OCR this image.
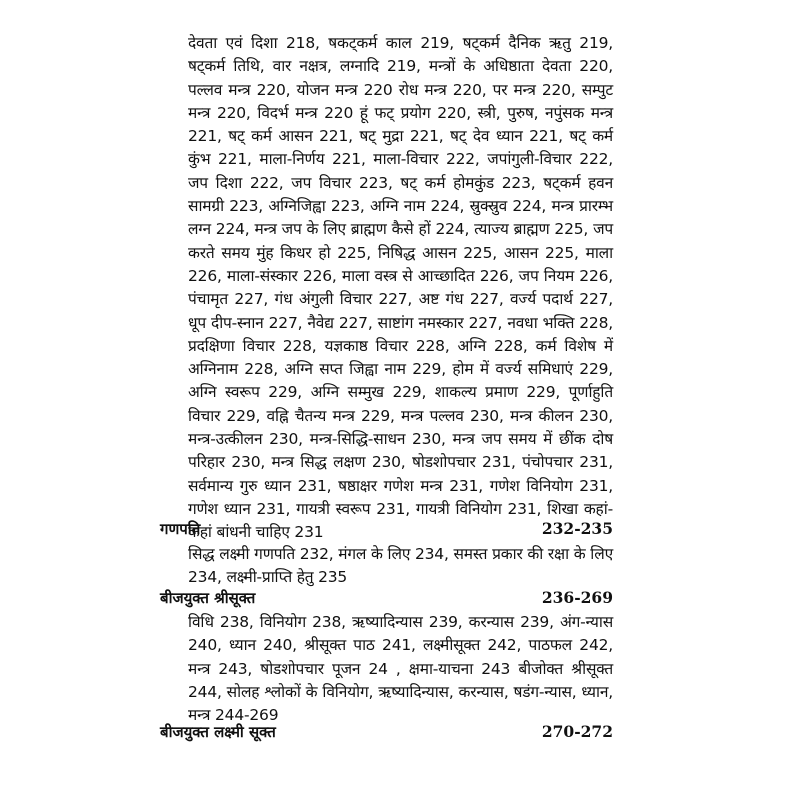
देवता एवं दिशा 218, षकट्कर्म काल 219, षट्कर्म दैनिक ऋतु 219, षट्कर्म तिथि, वार नक्षत्र, लग्नादि 219, मन्त्रों के अधिष्ठाता देवता 220, पल्लव मन्त्र 220, योजन मन्त्र 220 रोध मन्त्र 220, पर मन्त्र 220, सम्पुट मन्त्र 220, विदर्भ मन्त्र 220 हूं फट् प्रयोग 220, स्त्री, पुरुष, नपुंसक मन्त्र 221, षट् कर्म आसन 221, षट् मुद्रा 221, षट् देव ध्यान 221, षट् कर्म कुंभ 221, माला-निर्णय 221, माला-विचार 222, जपांगुली-विचार 222, जप दिशा 222, जप विचार 223, षट् कर्म होमकुंड 223, षट्कर्म हवन सामग्री 223, अग्निजिह्वा 223, अग्नि नाम 224, स्रुक्स्रुव 224, मन्त्र प्रारम्भ लग्न 224, मन्त्र जप के लिए ब्राह्मण कैसे हों 224, त्याज्य ब्राह्मण 225, जप करते समय मुंह किधर हो 225, निषिद्ध आसन 225, आसन 225, माला 226, माला-संस्कार 226, माला वस्त्र से आच्छादित 226, जप नियम 226, पंचामृत 227, गंध अंगुली विचार 227, अष्ट गंध 227, वर्ज्य पदार्थ 227, धूप दीप-स्नान 227, नैवेद्य 227, साष्टांग नमस्कार 227, नवधा भक्ति 228, प्रदक्षिणा विचार 228, यज्ञकाष्ठ विचार 228, अग्नि 228, कर्म विशेष में अग्निनाम 228, अग्नि सप्त जिह्वा नाम 229, होम में वर्ज्य समिधाएं 229, अग्नि स्वरूप 229, अग्नि सम्मुख 229, शाकल्य प्रमाण 229, पूर्णाहुति विचार 229, वह्नि चैतन्य मन्त्र 229, मन्त्र पल्लव 230, मन्त्र कीलन 230, मन्त्र-उत्कीलन 230, मन्त्र-सिद्धि-साधन 230, मन्त्र जप समय में छींक दोष परिहार 230, मन्त्र सिद्ध लक्षण 230, षोडशोपचार 231, पंचोपचार 231, सर्वमान्य गुरु ध्यान 231, षष्ठाक्षर गणेश मन्त्र 231, गणेश विनियोग 231, गणेश ध्यान 231, गायत्री स्वरूप 231, गायत्री विनियोग 231, शिखा कहां-कहां बांधनी चाहिए 231

गणपति	232-235

सिद्ध लक्ष्मी गणपति 232, मंगल के लिए 234, समस्त प्रकार की रक्षा के लिए 234, लक्ष्मी-प्राप्ति हेतु 235

बीजयुक्त श्रीसूक्त	236-269

विधि 238, विनियोग 238, ऋष्यादिन्यास 239, करन्यास 239, अंग-न्यास 240, ध्यान 240, श्रीसूक्त पाठ 241, लक्ष्मीसूक्त 242, पाठफल 242, मन्त्र 243, षोडशोपचार पूजन 24 , क्षमा-याचना 243 बीजोक्त श्रीसूक्त 244, सोलह श्लोकों के विनियोग, ऋष्यादिन्यास, करन्यास, षडंग-न्यास, ध्यान, मन्त्र 244-269

बीजयुक्त लक्ष्मी सूक्त	270-272
